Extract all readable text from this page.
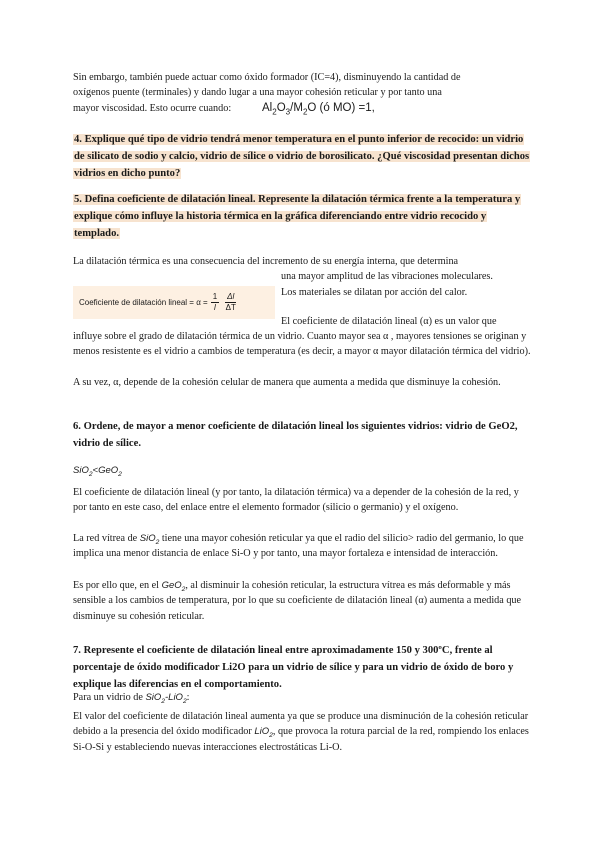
Sin embargo, también puede actuar como óxido formador (IC=4), disminuyendo la cantidad de
oxígenos puente (terminales) y dando lugar a una mayor cohesión reticular y por tanto una
mayor viscosidad. Esto ocurre cuando:	$Al_2O_3/M_2O$ (ó MO) =1,

4. Explique qué tipo de vidrio tendrá menor temperatura en el punto inferior de recocido: un vidrio de silicato de sodio y calcio, vidrio de sílice o vidrio de borosilicato. ¿Qué viscosidad presentan dichos vidrios en dicho punto?

5. Defina coeficiente de dilatación lineal. Represente la dilatación térmica frente a la temperatura y explique cómo influye la historia térmica en la gráfica diferenciando entre vidrio recocido y templado.

La dilatación térmica es una consecuencia del incremento de su energía interna, que determina

una mayor amplitud de las vibraciones moleculares.

Los materiales se dilatan por acción del calor.

Coeficiente de dilatación lineal = $\alpha = \frac{1}{l} \frac{\Delta l}{\Delta T}$

El coeficiente de dilatación lineal (α) es un valor que

influye sobre el grado de dilatación térmica de un vidrio. Cuanto mayor sea α , mayores tensiones se originan y menos resistente es el vidrio a cambios de temperatura (es decir, a mayor α mayor dilatación térmica del vidrio).

A su vez, α, depende de la cohesión celular de manera que aumenta a medida que disminuye la cohesión.

6. Ordene, de mayor a menor coeficiente de dilatación lineal los siguientes vidrios: vidrio de GeO2, vidrio de sílice.

SiO$_2$<GeO$_2$

El coeficiente de dilatación lineal (y por tanto, la dilatación térmica) va a depender de la cohesión de la red, y por tanto en este caso, del enlace entre el elemento formador (silicio o germanio) y el oxígeno.

La red vítrea de SiO$_2$ tiene una mayor cohesión reticular ya que el radio del silicio> radio del germanio, lo que implica una menor distancia de enlace Si-O y por tanto, una mayor fortaleza e intensidad de interacción.

Es por ello que, en el GeO$_2$, al disminuir la cohesión reticular, la estructura vítrea es más deformable y más sensible a los cambios de temperatura, por lo que su coeficiente de dilatación lineal (α) aumenta a medida que disminuye su cohesión reticular.

7. Represente el coeficiente de dilatación lineal entre aproximadamente 150 y 300ºC, frente al porcentaje de óxido modificador Li2O para un vidrio de sílice y para un vidrio de óxido de boro y explique las diferencias en el comportamiento.

Para un vidrio de SiO$_2$-LiO$_2$:

El valor del coeficiente de dilatación lineal aumenta ya que se produce una disminución de la cohesión reticular debido a la presencia del óxido modificador LiO$_2$, que provoca la rotura parcial de la red, rompiendo los enlaces Si-O-Si y estableciendo nuevas interacciones electrostáticas Li-O.
